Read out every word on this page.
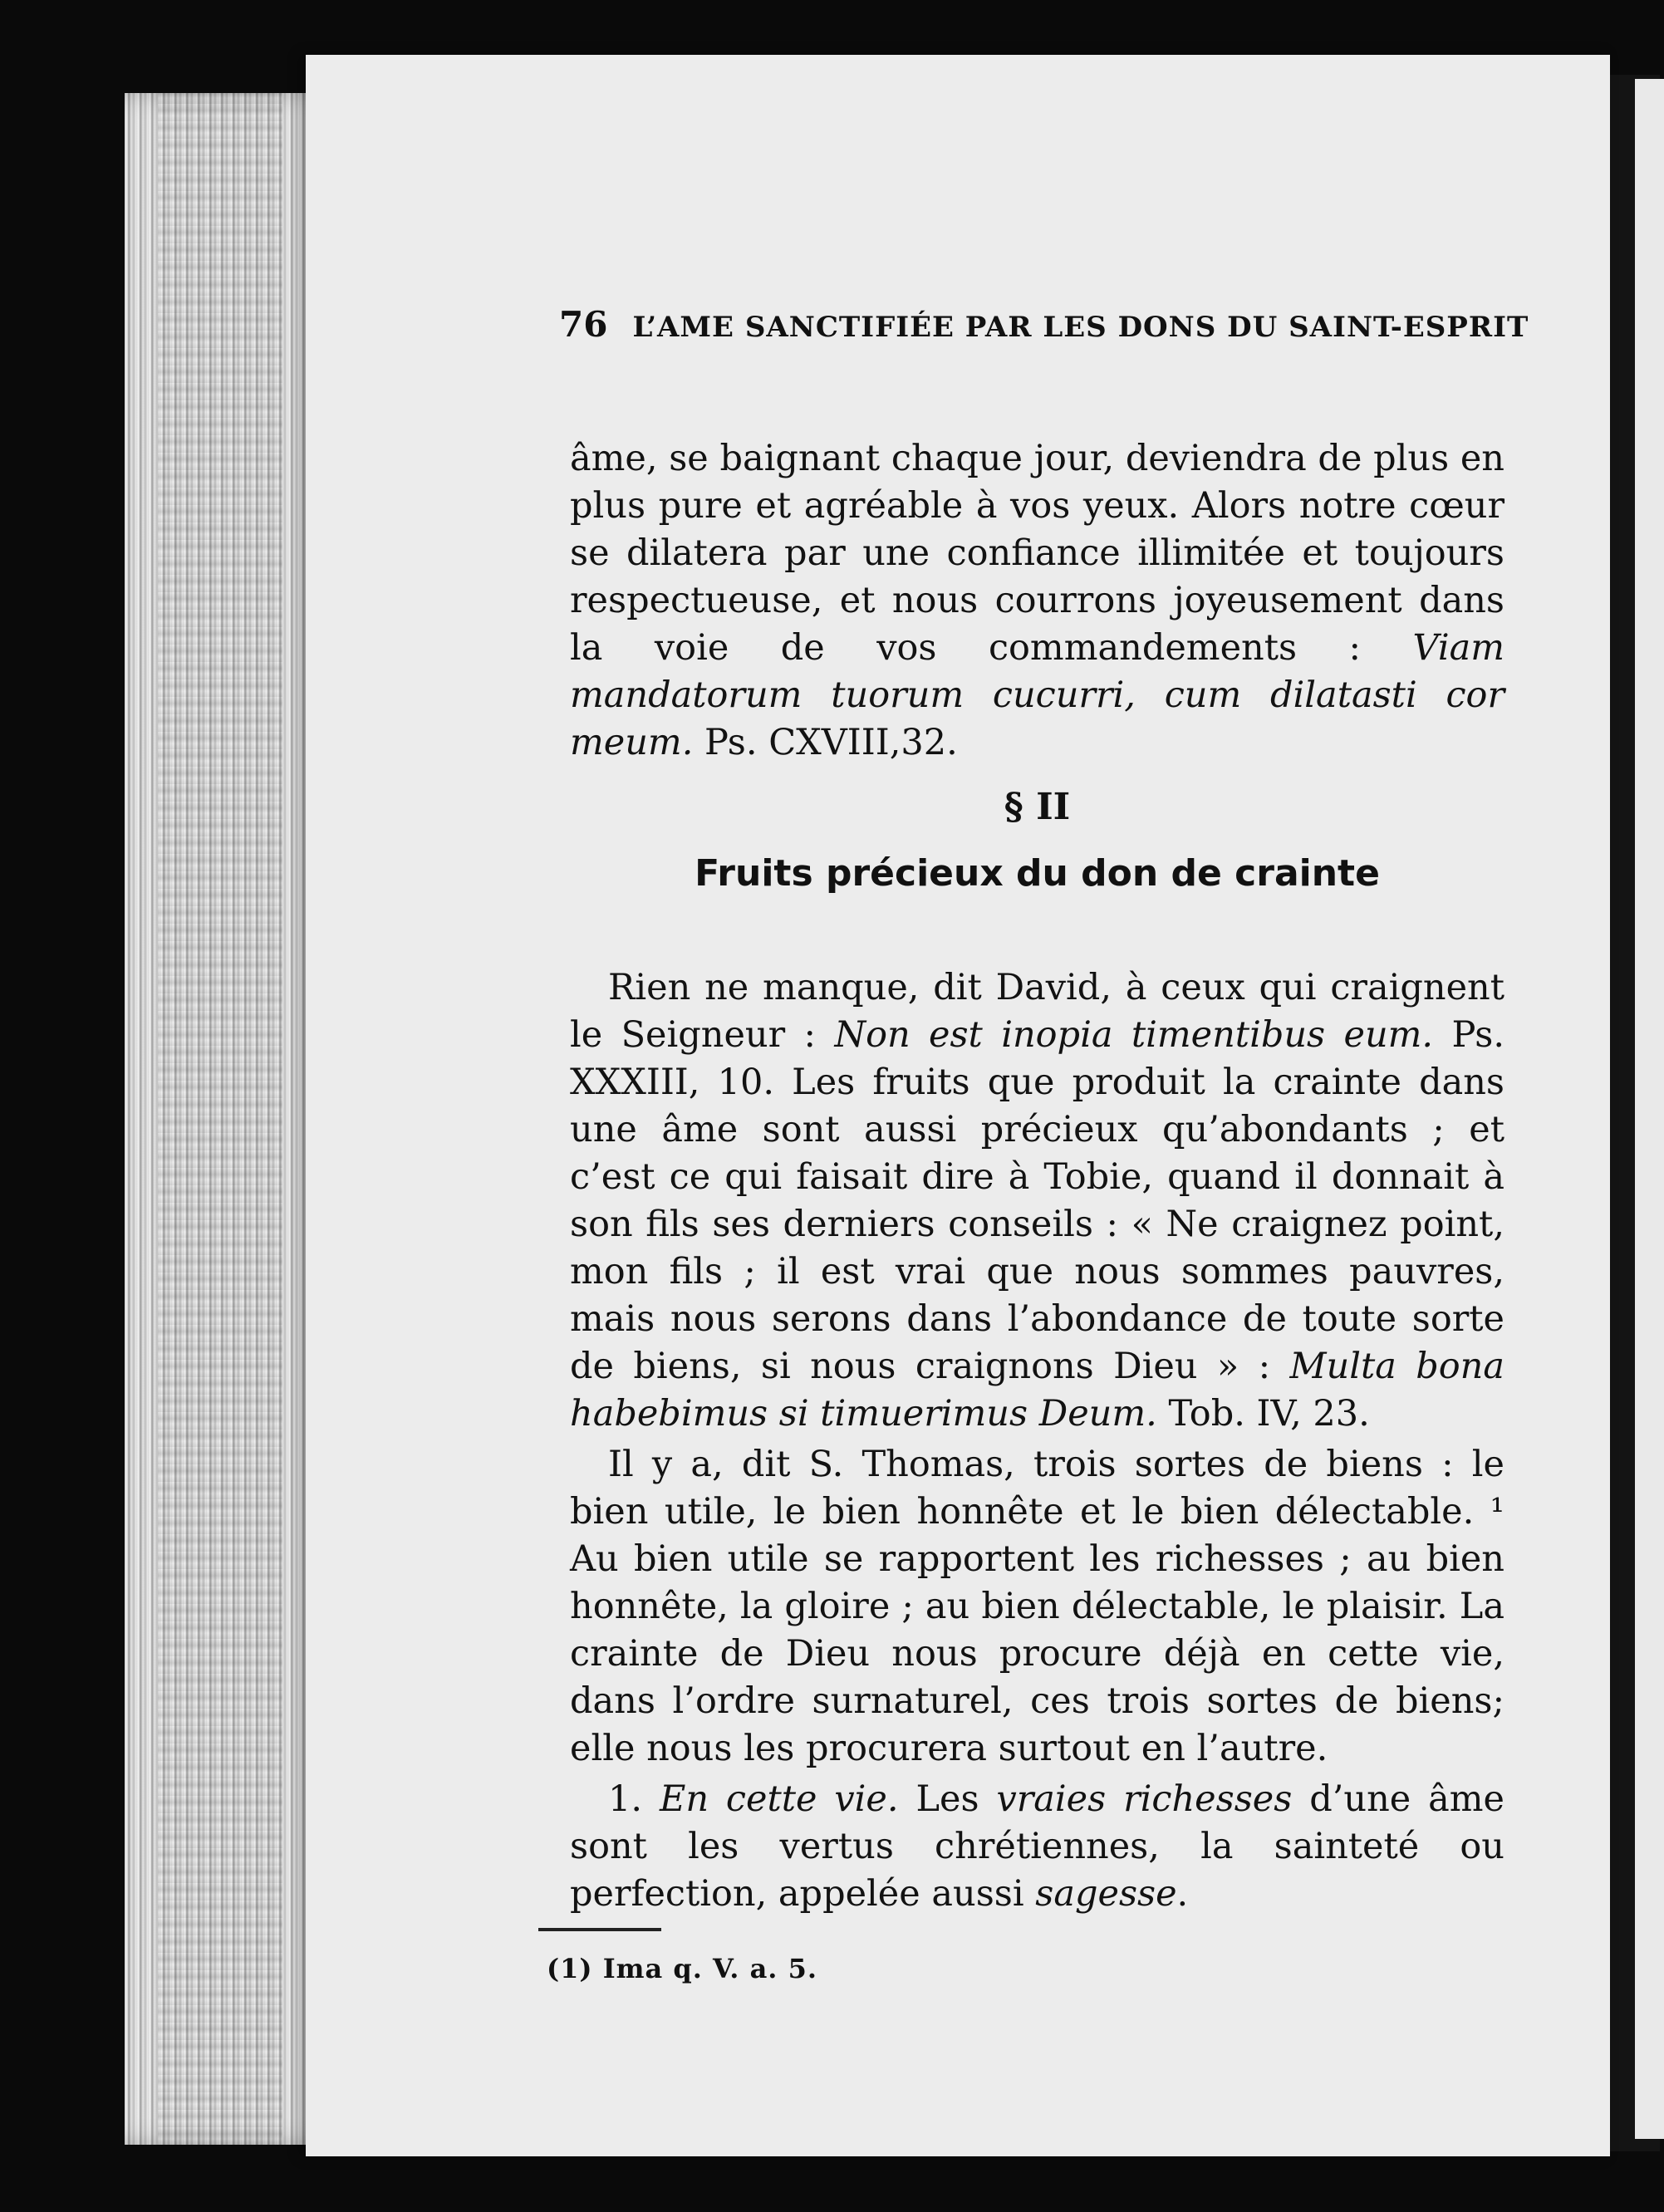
76 L’AME SANCTIFIÉE PAR LES DONS DU SAINT-ESPRIT

âme, se baignant chaque jour, deviendra de plus en plus pure et agréable à vos yeux. Alors notre cœur se dilatera par une confiance illimitée et toujours respectueuse, et nous courrons joyeusement dans la voie de vos commandements : Viam mandatorum tuorum cucurri, cum dilatasti cor meum. Ps. CXVIII,32.

§ II
Fruits précieux du don de crainte

Rien ne manque, dit David, à ceux qui craignent le Seigneur : Non est inopia timentibus eum. Ps. XXXIII, 10. Les fruits que produit la crainte dans une âme sont aussi précieux qu’abondants ; et c’est ce qui faisait dire à Tobie, quand il donnait à son fils ses derniers conseils : « Ne craignez point, mon fils ; il est vrai que nous sommes pauvres, mais nous serons dans l’abondance de toute sorte de biens, si nous craignons Dieu » : Multa bona habebimus si timuerimus Deum. Tob. IV, 23.

Il y a, dit S. Thomas, trois sortes de biens : le bien utile, le bien honnête et le bien délectable. ¹ Au bien utile se rapportent les richesses ; au bien honnête, la gloire ; au bien délectable, le plaisir. La crainte de Dieu nous procure déjà en cette vie, dans l’ordre surnaturel, ces trois sortes de biens; elle nous les procurera surtout en l’autre.

1. En cette vie. Les vraies richesses d’une âme sont les vertus chrétiennes, la sainteté ou perfection, appelée aussi sagesse.

(1) Ima q. V. a. 5.
